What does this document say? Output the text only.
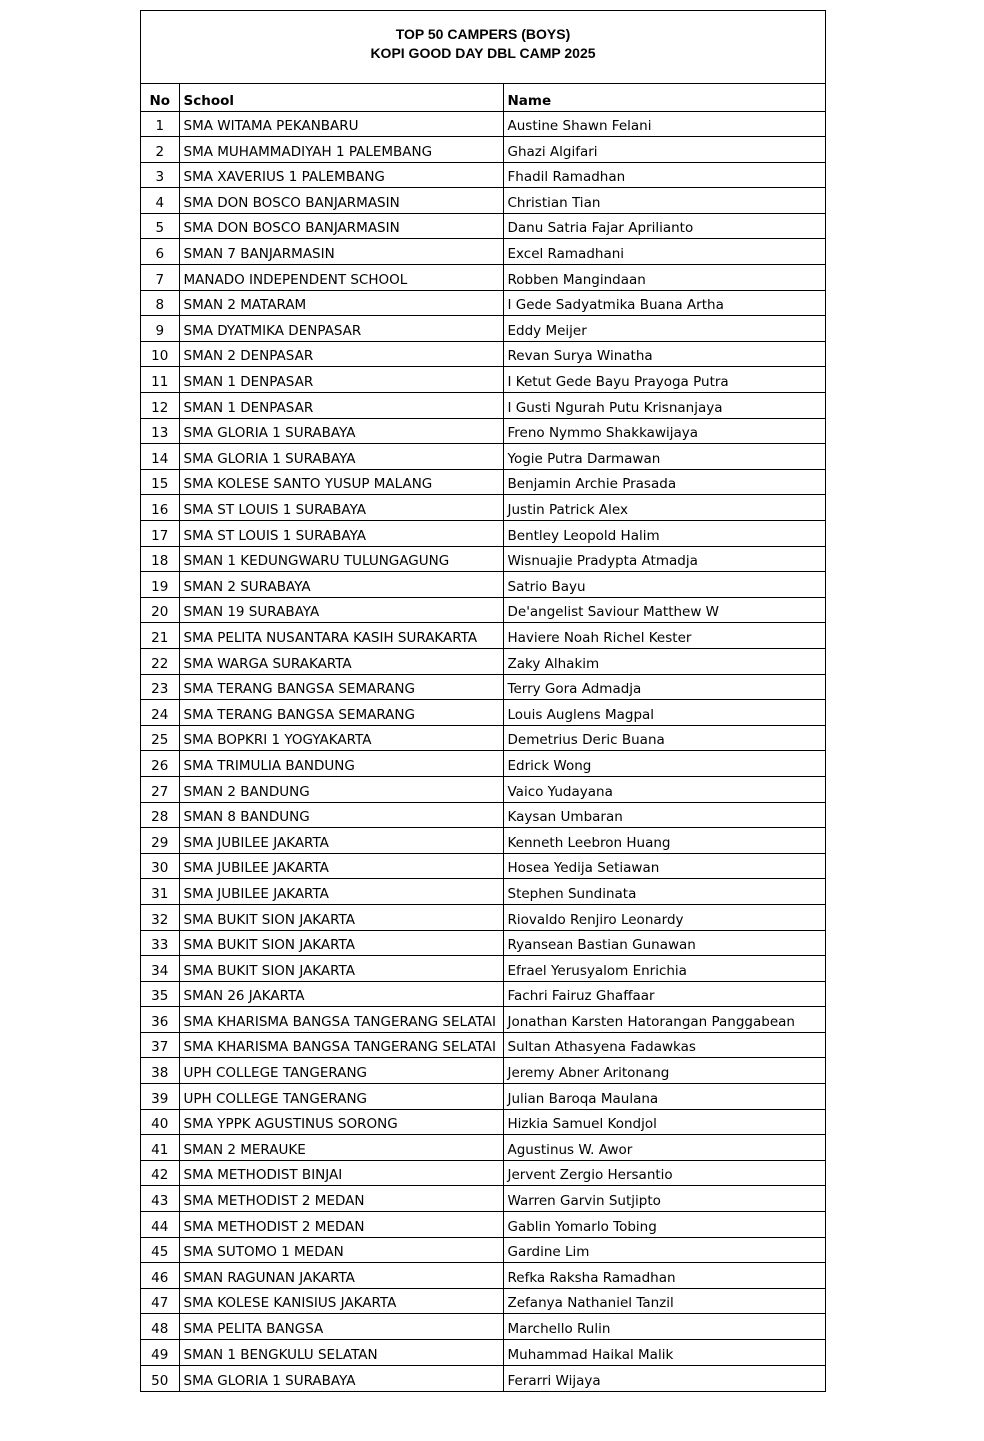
TOP 50 CAMPERS (BOYS)
KOPI GOOD DAY DBL CAMP 2025
No	School	Name
1	SMA WITAMA PEKANBARU	Austine Shawn Felani
2	SMA MUHAMMADIYAH 1 PALEMBANG	Ghazi Algifari
3	SMA XAVERIUS 1 PALEMBANG	Fhadil Ramadhan
4	SMA DON BOSCO BANJARMASIN	Christian Tian
5	SMA DON BOSCO BANJARMASIN	Danu Satria Fajar Aprilianto
6	SMAN 7 BANJARMASIN	Excel Ramadhani
7	MANADO INDEPENDENT SCHOOL	Robben Mangindaan
8	SMAN 2 MATARAM	I Gede Sadyatmika Buana Artha
9	SMA DYATMIKA DENPASAR	Eddy Meijer
10	SMAN 2 DENPASAR	Revan Surya Winatha
11	SMAN 1 DENPASAR	I Ketut Gede Bayu Prayoga Putra
12	SMAN 1 DENPASAR	I Gusti Ngurah Putu Krisnanjaya
13	SMA GLORIA 1 SURABAYA	Freno Nymmo Shakkawijaya
14	SMA GLORIA 1 SURABAYA	Yogie Putra Darmawan
15	SMA KOLESE SANTO YUSUP MALANG	Benjamin Archie Prasada
16	SMA ST LOUIS 1 SURABAYA	Justin Patrick Alex
17	SMA ST LOUIS 1 SURABAYA	Bentley Leopold Halim
18	SMAN 1 KEDUNGWARU TULUNGAGUNG	Wisnuajie Pradypta Atmadja
19	SMAN 2 SURABAYA	Satrio Bayu
20	SMAN 19 SURABAYA	De'angelist Saviour Matthew W
21	SMA PELITA NUSANTARA KASIH SURAKARTA	Haviere Noah Richel Kester
22	SMA WARGA SURAKARTA	Zaky Alhakim
23	SMA TERANG BANGSA SEMARANG	Terry Gora Admadja
24	SMA TERANG BANGSA SEMARANG	Louis Auglens Magpal
25	SMA BOPKRI 1 YOGYAKARTA	Demetrius Deric Buana
26	SMA TRIMULIA BANDUNG	Edrick Wong
27	SMAN 2 BANDUNG	Vaico Yudayana
28	SMAN 8 BANDUNG	Kaysan Umbaran
29	SMA JUBILEE JAKARTA	Kenneth Leebron Huang
30	SMA JUBILEE JAKARTA	Hosea Yedija Setiawan
31	SMA JUBILEE JAKARTA	Stephen Sundinata
32	SMA BUKIT SION JAKARTA	Riovaldo Renjiro Leonardy
33	SMA BUKIT SION JAKARTA	Ryansean Bastian Gunawan
34	SMA BUKIT SION JAKARTA	Efrael Yerusyalom Enrichia
35	SMAN 26 JAKARTA	Fachri Fairuz Ghaffaar
36	SMA KHARISMA BANGSA TANGERANG SELATAI	Jonathan Karsten Hatorangan Panggabean
37	SMA KHARISMA BANGSA TANGERANG SELATAI	Sultan Athasyena Fadawkas
38	UPH COLLEGE TANGERANG	Jeremy Abner Aritonang
39	UPH COLLEGE TANGERANG	Julian Baroqa Maulana
40	SMA YPPK AGUSTINUS SORONG	Hizkia Samuel Kondjol
41	SMAN 2 MERAUKE	Agustinus W. Awor
42	SMA METHODIST BINJAI	Jervent Zergio Hersantio
43	SMA METHODIST 2 MEDAN	Warren Garvin Sutjipto
44	SMA METHODIST 2 MEDAN	Gablin Yomarlo Tobing
45	SMA SUTOMO 1 MEDAN	Gardine Lim
46	SMAN RAGUNAN JAKARTA	Refka Raksha Ramadhan
47	SMA KOLESE KANISIUS JAKARTA	Zefanya Nathaniel Tanzil
48	SMA PELITA BANGSA	Marchello Rulin
49	SMAN 1 BENGKULU SELATAN	Muhammad Haikal Malik
50	SMA GLORIA 1 SURABAYA	Ferarri Wijaya
